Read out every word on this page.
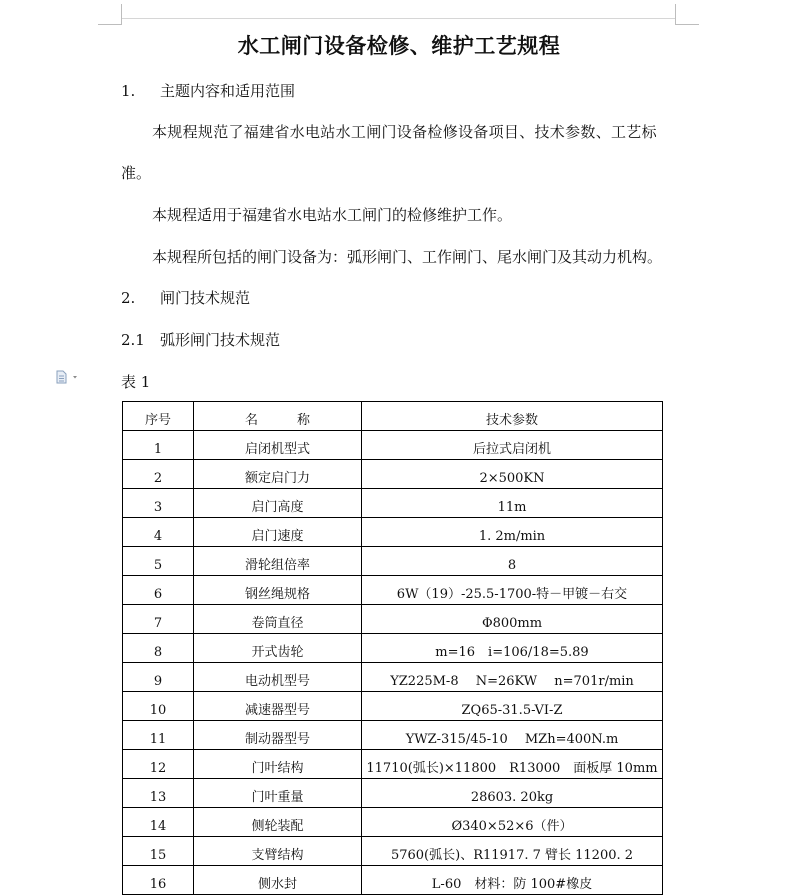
水工闸门设备检修、维护工艺规程
1. 主题内容和适用范围
本规程规范了福建省水电站水工闸门设备检修设备项目、技术参数、工艺标
准。
本规程适用于福建省水电站水工闸门的检修维护工作。
本规程所包括的闸门设备为：弧形闸门、工作闸门、尾水闸门及其动力机构。
2. 闸门技术规范
2.1 弧形闸门技术规范
表 1
序号	名　　　称	技术参数
1	启闭机型式	后拉式启闭机
2	额定启门力	2×500KN
3	启门高度	11m
4	启门速度	1. 2m/min
5	滑轮组倍率	8
6	钢丝绳规格	6W（19）-25.5-1700-特－甲镀－右交
7	卷筒直径	Φ800mm
8	开式齿轮	m=16　i=106/18=5.89
9	电动机型号	YZ225M-8　 N=26KW　 n=701r/min
10	减速器型号	ZQ65-31.5-VI-Z
11	制动器型号	YWZ-315/45-10　 MZh=400N.m
12	门叶结构	11710(弧长)×11800　R13000　面板厚 10mm
13	门叶重量	28603. 20kg
14	侧轮装配	Ø340×52×6（件）
15	支臂结构	5760(弧长)、R11917. 7 臂长 11200. 2
16	侧水封	L-60　材料：防 100#橡皮
